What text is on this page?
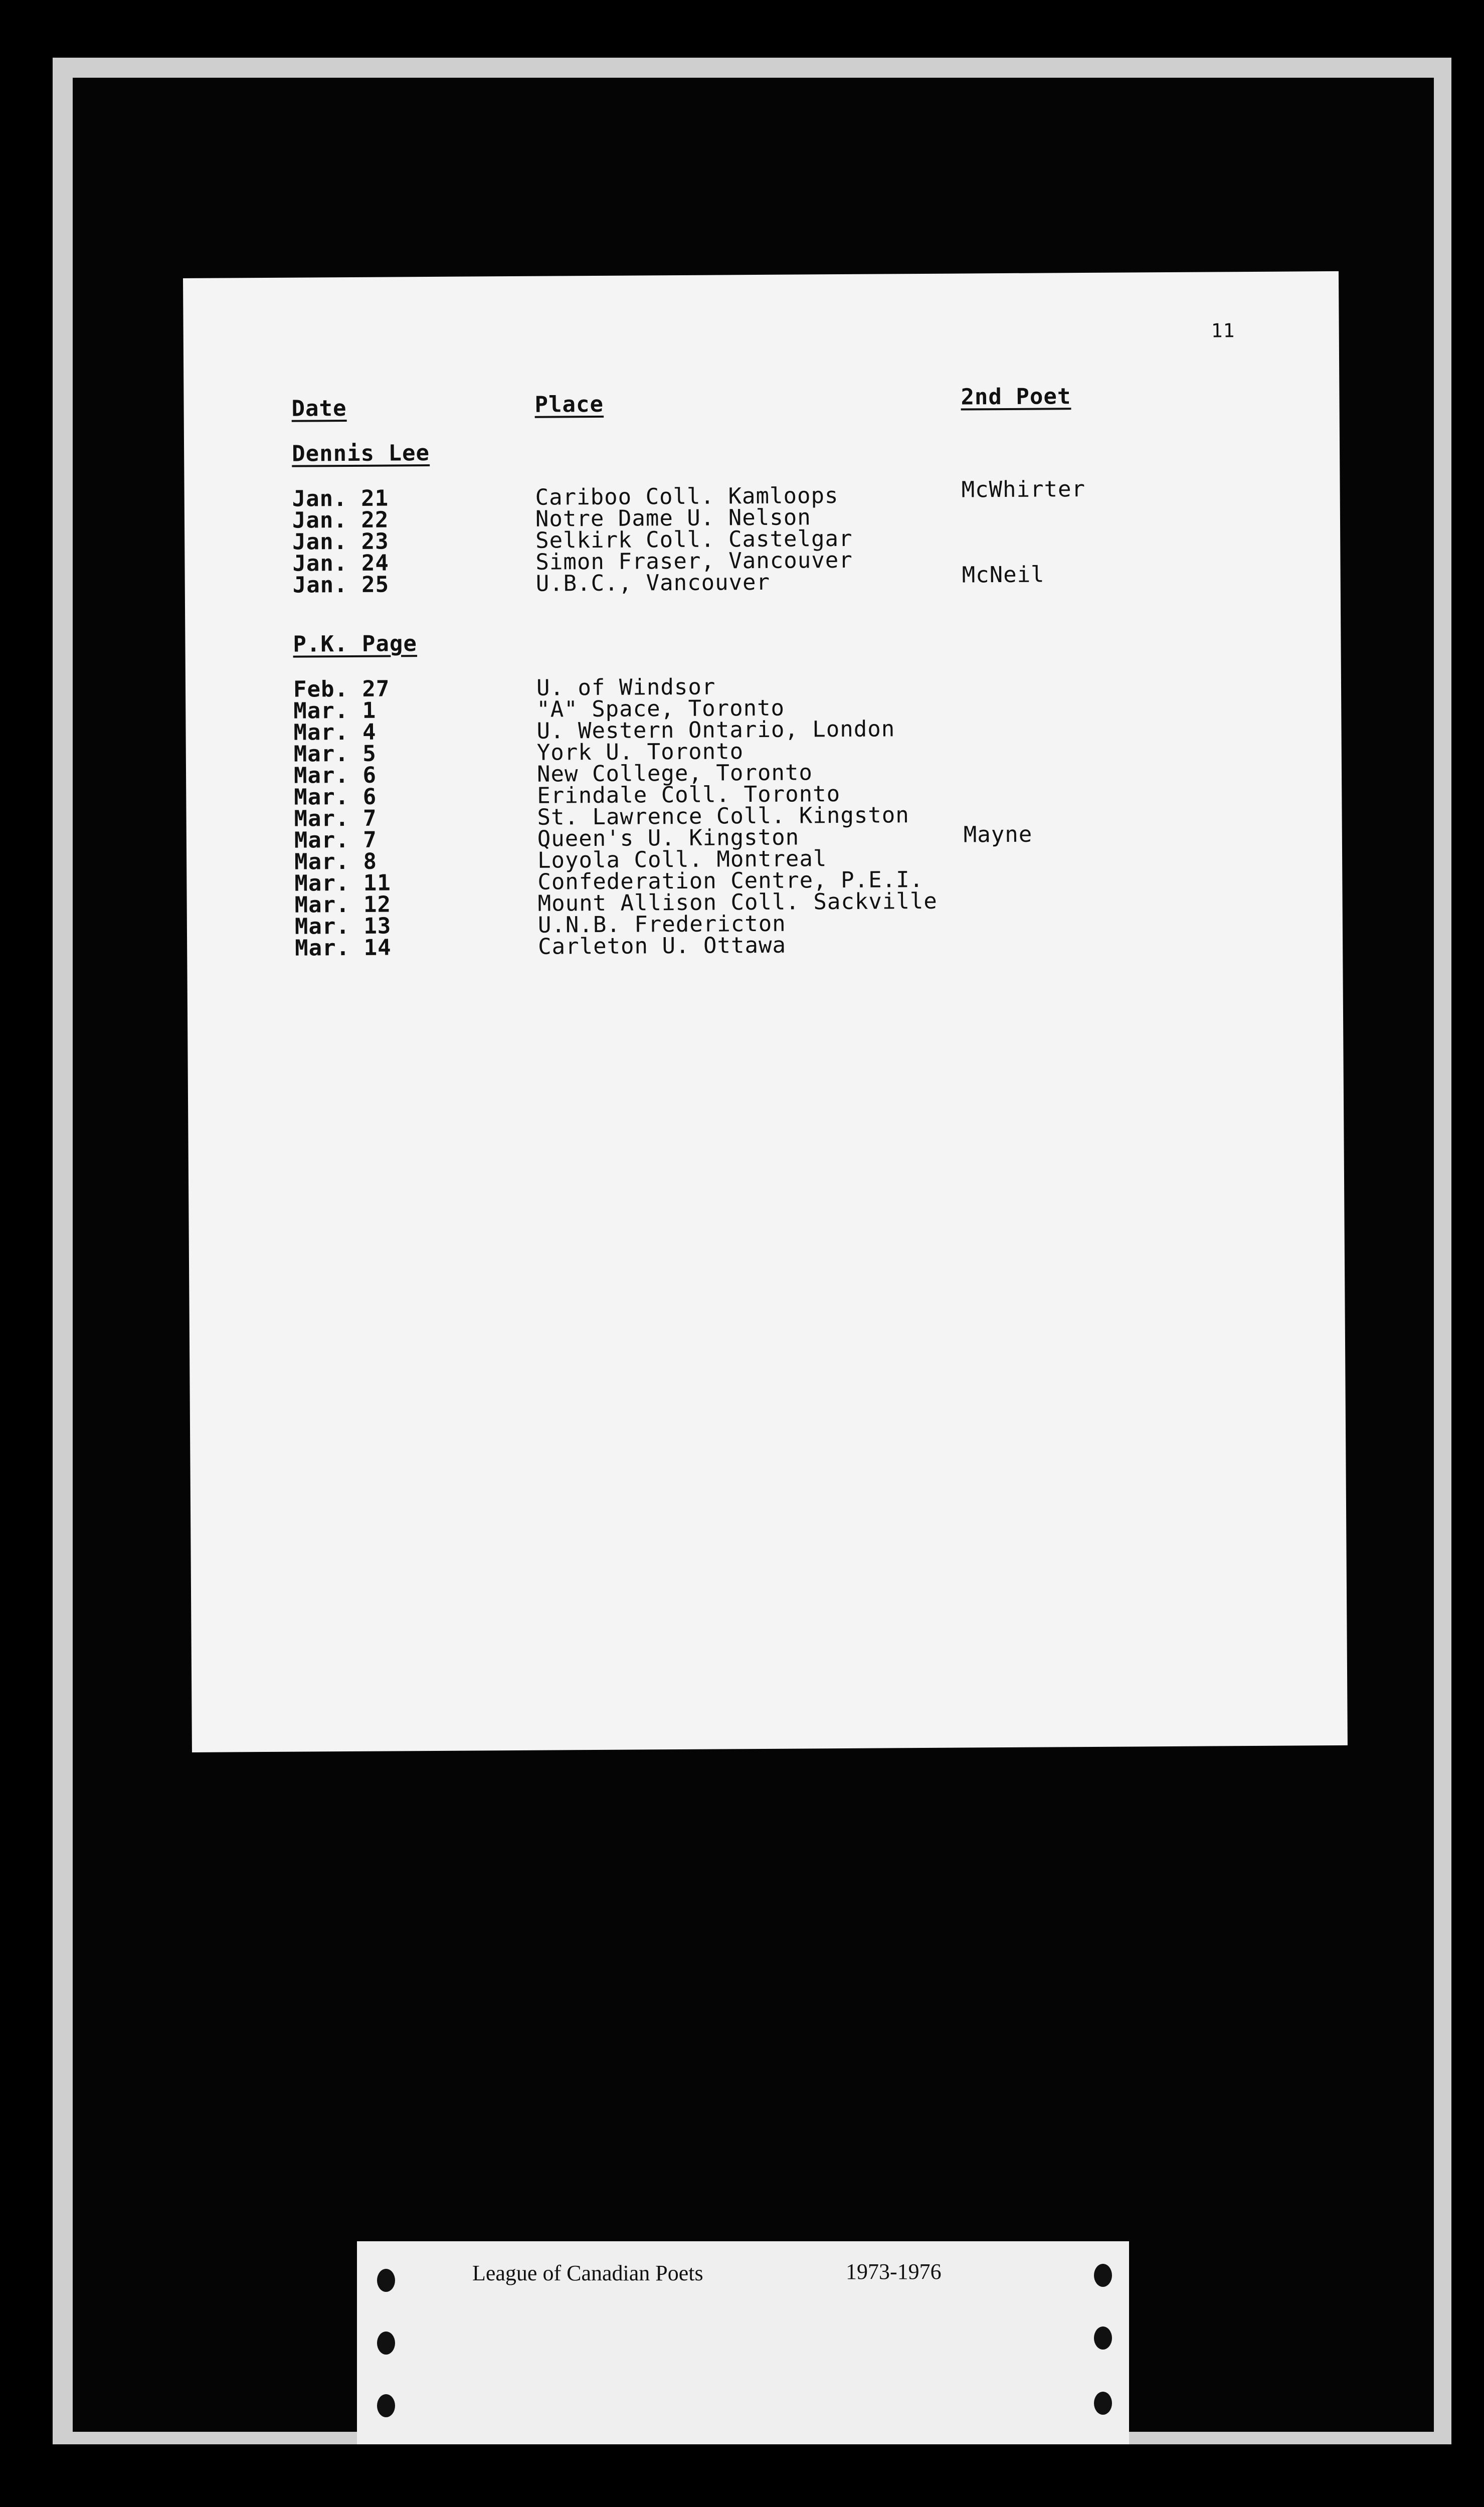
11
Date	Place	2nd Poet
Dennis Lee
Jan. 21	Cariboo Coll. Kamloops	McWhirter
Jan. 22	Notre Dame U. Nelson
Jan. 23	Selkirk Coll. Castelgar
Jan. 24	Simon Fraser, Vancouver
Jan. 25	U.B.C., Vancouver	McNeil
P.K. Page
Feb. 27	U. of Windsor
Mar. 1	"A" Space, Toronto
Mar. 4	U. Western Ontario, London
Mar. 5	York U. Toronto
Mar. 6	New College, Toronto
Mar. 6	Erindale Coll. Toronto
Mar. 7	St. Lawrence Coll. Kingston
Mar. 7	Queen's U. Kingston	Mayne
Mar. 8	Loyola Coll. Montreal
Mar. 11	Confederation Centre, P.E.I.
Mar. 12	Mount Allison Coll. Sackville
Mar. 13	U.N.B. Fredericton
Mar. 14	Carleton U. Ottawa
League of Canadian Poets	1973-1976
